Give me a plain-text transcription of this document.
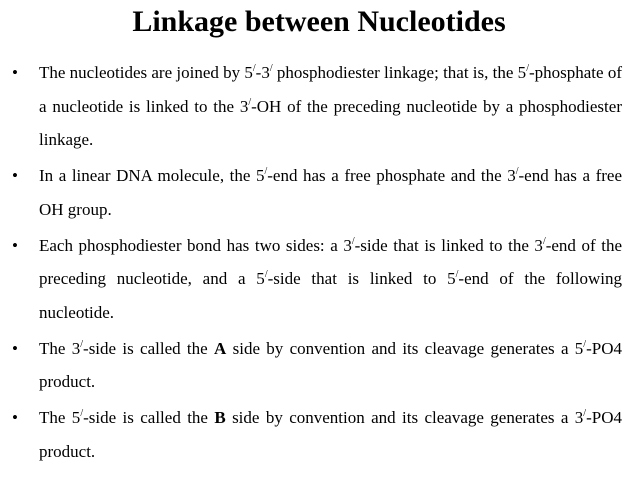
Linkage between Nucleotides
•	The nucleotides are joined by 5/-3/ phosphodiester linkage; that is, the 5/-phosphate of a nucleotide is linked to the 3/-OH of the preceding nucleotide by a phosphodiester linkage.
•	In a linear DNA molecule, the 5/-end has a free phosphate and the 3/-end has a free OH group.
•	Each phosphodiester bond has two sides: a 3/-side that is linked to the 3/-end of the preceding nucleotide, and a 5/-side that is linked to 5/-end of the following nucleotide.
•	The 3/-side is called the A side by convention and its cleavage generates a 5/-PO4 product.
•	The 5/-side is called the B side by convention and its cleavage generates a 3/-PO4 product.
